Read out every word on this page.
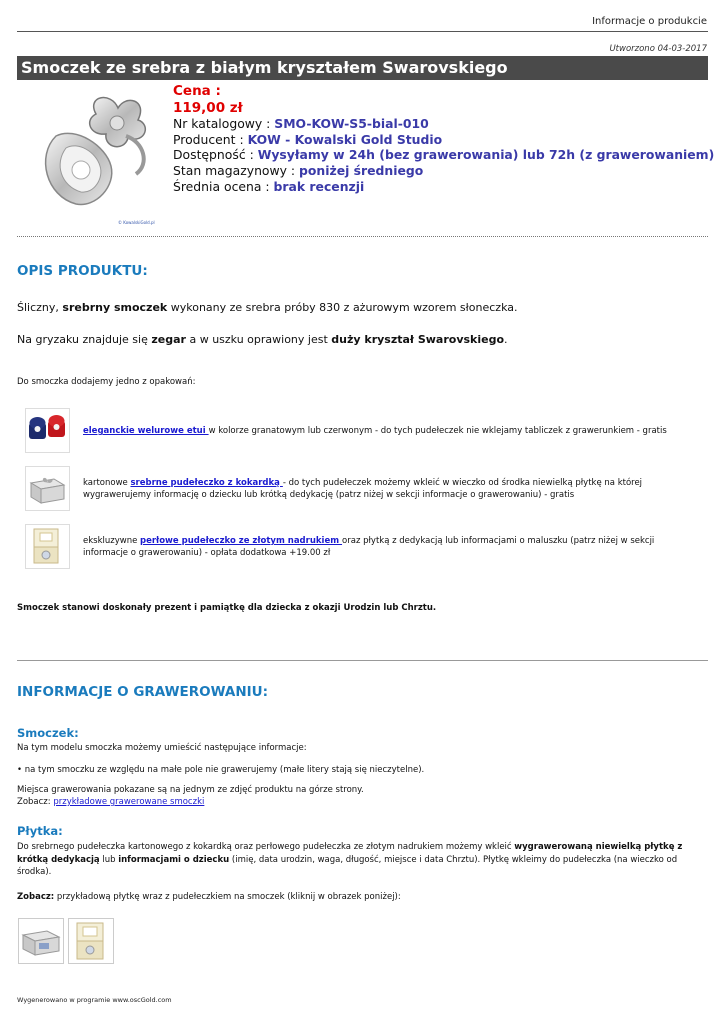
Informacje o produkcie
Utworzono 04-03-2017
Smoczek ze srebra z białym kryształem Swarovskiego
© KowalskiGold.pl
Cena :
119,00 zł
Nr katalogowy : SMO-KOW-S5-bial-010
Producent : KOW - Kowalski Gold Studio
Dostępność : Wysyłamy w 24h (bez grawerowania) lub 72h (z grawerowaniem)
Stan magazynowy : poniżej średniego
Średnia ocena : brak recenzji
OPIS PRODUKTU:
Śliczny, srebrny smoczek wykonany ze srebra próby 830 z ażurowym wzorem słoneczka.
Na gryzaku znajduje się zegar a w uszku oprawiony jest duży kryształ Swarovskiego.
Do smoczka dodajemy jedno z opakowań:
eleganckie welurowe etui w kolorze granatowym lub czerwonym - do tych pudełeczek nie wklejamy tabliczek z grawerunkiem - gratis
kartonowe srebrne pudełeczko z kokardką - do tych pudełeczek możemy wkleić w wieczko od środka niewielką płytkę na której wygrawerujemy informację o dziecku lub krótką dedykację (patrz niżej w sekcji informacje o grawerowaniu) - gratis
ekskluzywne perłowe pudełeczko ze złotym nadrukiem oraz płytką z dedykacją lub informacjami o maluszku (patrz niżej w sekcji informacje o grawerowaniu) - opłata dodatkowa +19.00 zł
Smoczek stanowi doskonały prezent i pamiątkę dla dziecka z okazji Urodzin lub Chrztu.
INFORMACJE O GRAWEROWANIU:
Smoczek:
Na tym modelu smoczka możemy umieścić następujące informacje:
• na tym smoczku ze względu na małe pole nie grawerujemy (małe litery stają się nieczytelne).
Miejsca grawerowania pokazane są na jednym ze zdjęć produktu na górze strony.
Zobacz: przykładowe grawerowane smoczki
Płytka:
Do srebrnego pudełeczka kartonowego z kokardką oraz perłowego pudełeczka ze złotym nadrukiem możemy wkleić wygrawerowaną niewielką płytkę z krótką dedykacją lub informacjami o dziecku (imię, data urodzin, waga, długość, miejsce i data Chrztu). Płytkę wkleimy do pudełeczka (na wieczko od środka).
Zobacz: przykładową płytkę wraz z pudełeczkiem na smoczek (kliknij w obrazek poniżej):
Wygenerowano w programie www.oscGold.com
